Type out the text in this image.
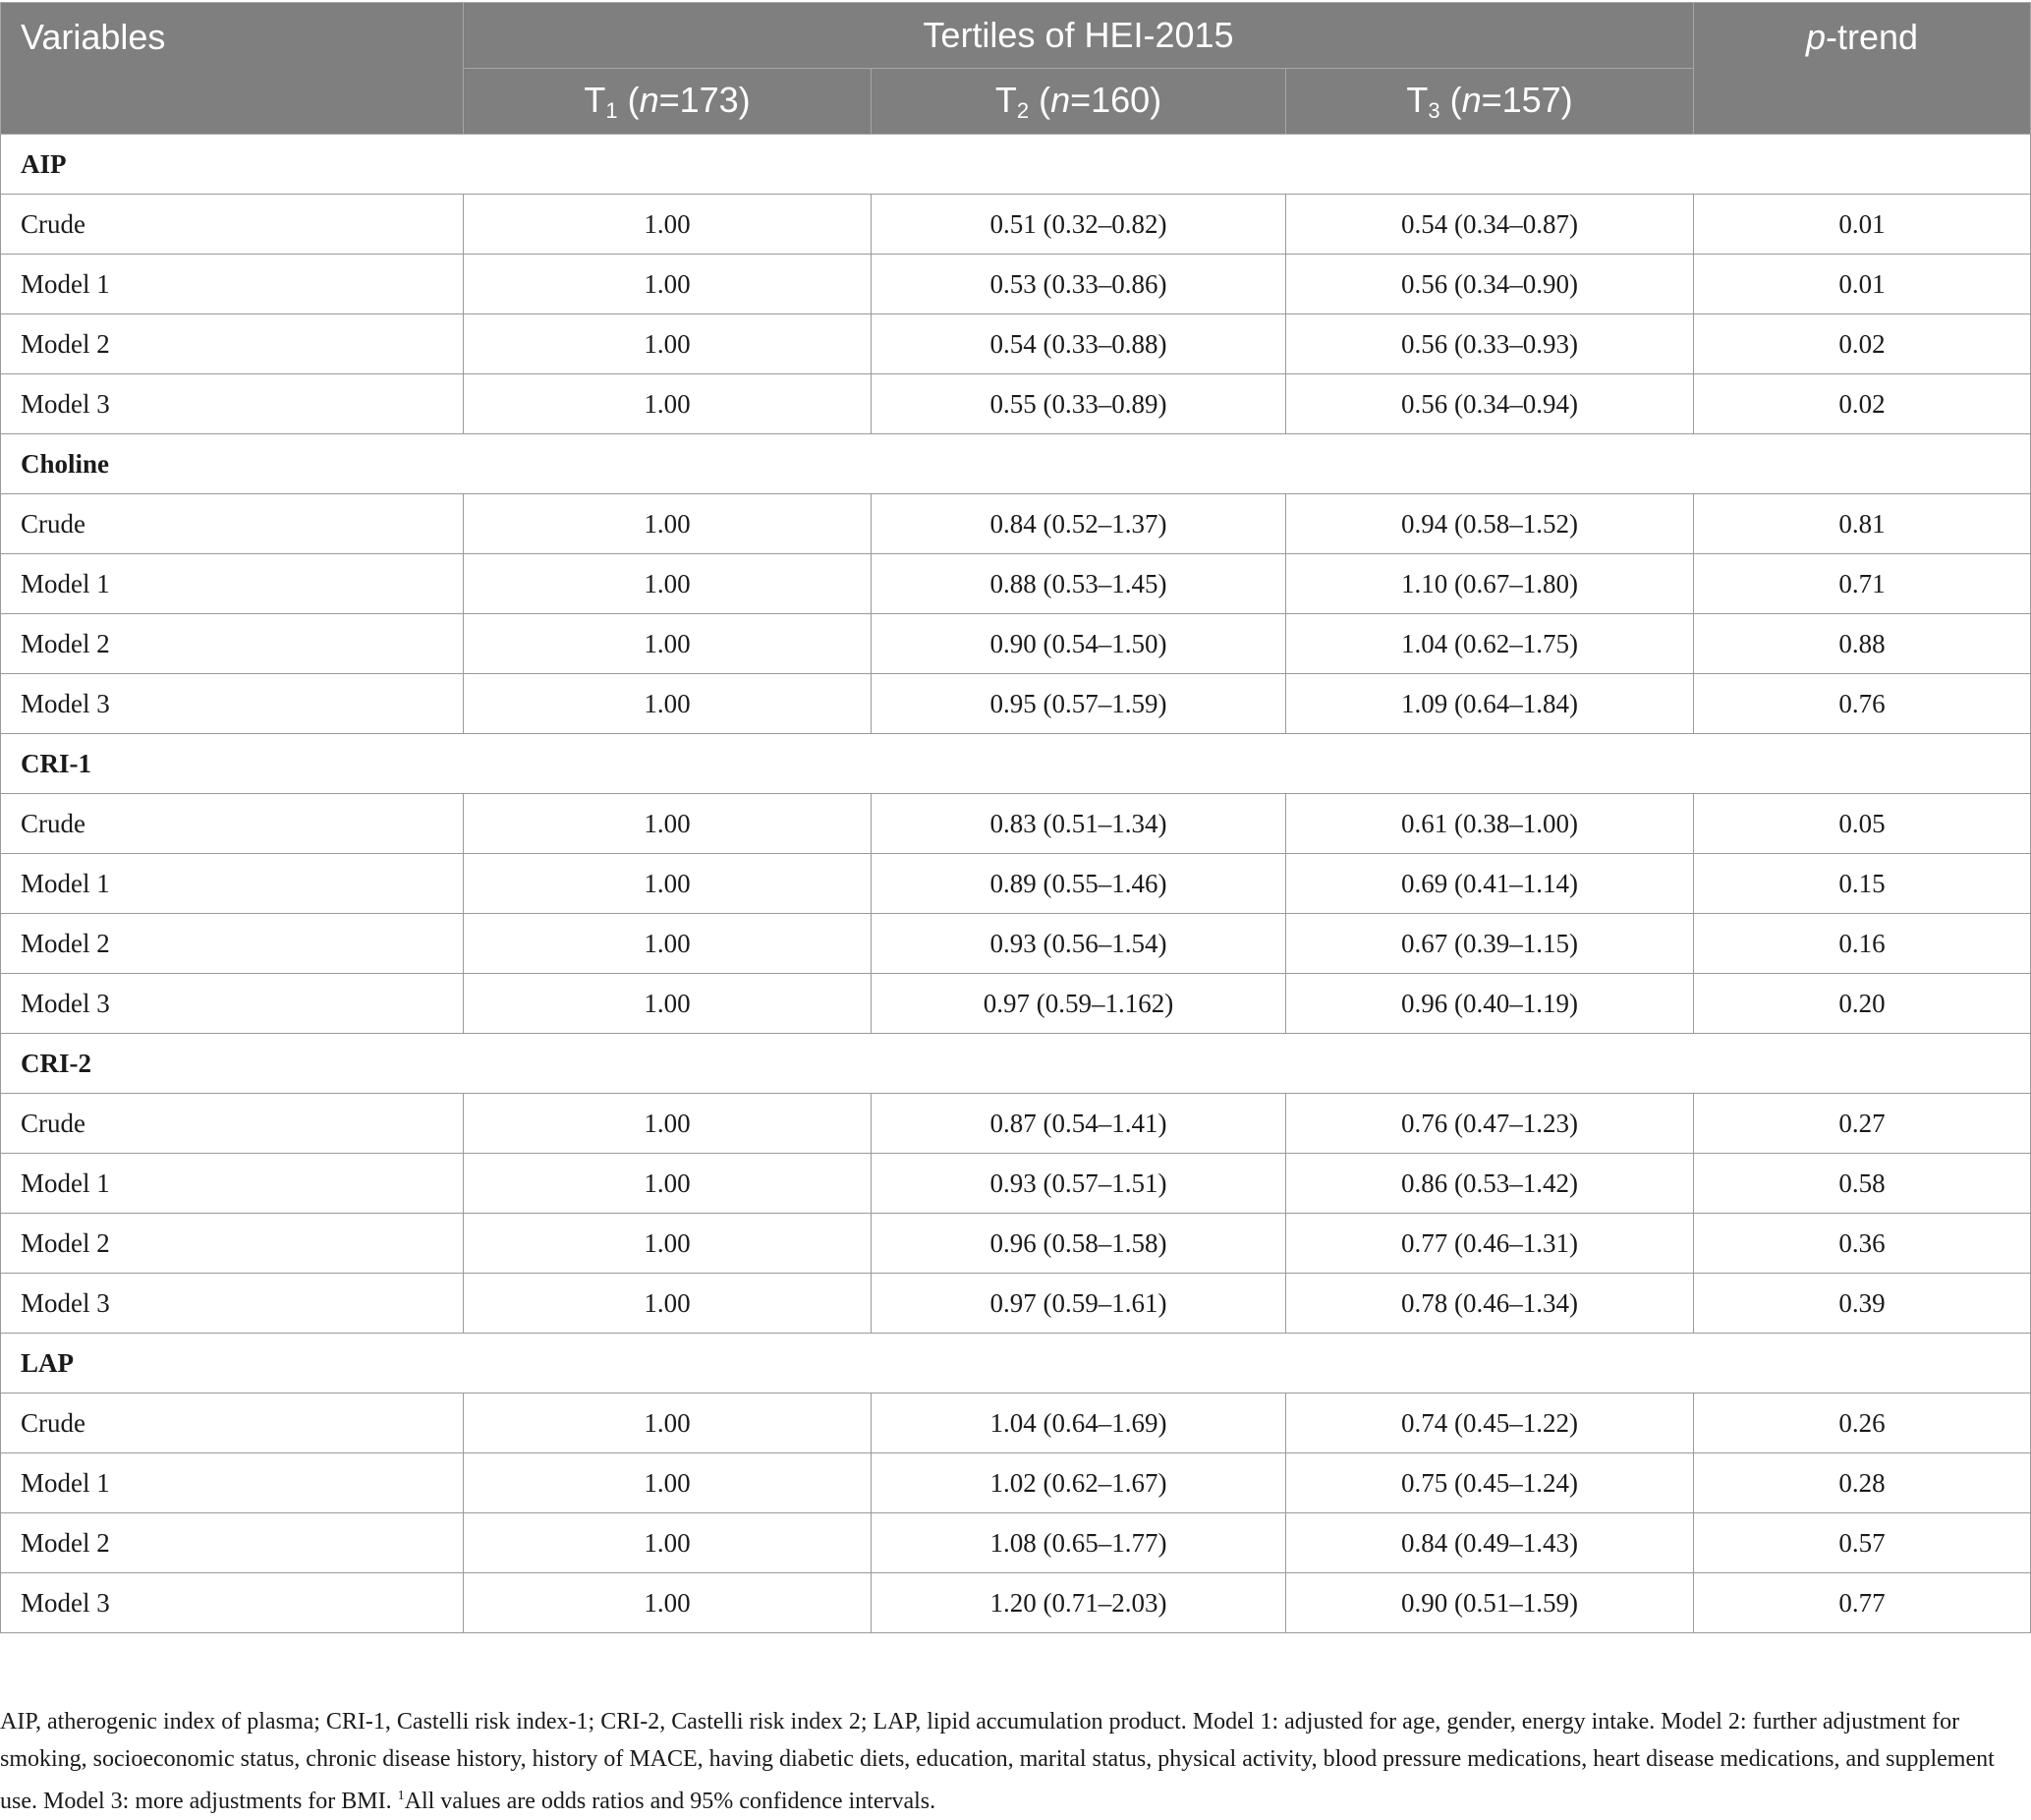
Variables	Tertiles of HEI-2015			p-trend
	$T_1$ (n=173)	$T_2$ (n=160)	$T_3$ (n=157)	
AIP				
Crude	1.00	0.51 (0.32–0.82)	0.54 (0.34–0.87)	0.01
Model 1	1.00	0.53 (0.33–0.86)	0.56 (0.34–0.90)	0.01
Model 2	1.00	0.54 (0.33–0.88)	0.56 (0.33–0.93)	0.02
Model 3	1.00	0.55 (0.33–0.89)	0.56 (0.34–0.94)	0.02
Choline				
Crude	1.00	0.84 (0.52–1.37)	0.94 (0.58–1.52)	0.81
Model 1	1.00	0.88 (0.53–1.45)	1.10 (0.67–1.80)	0.71
Model 2	1.00	0.90 (0.54–1.50)	1.04 (0.62–1.75)	0.88
Model 3	1.00	0.95 (0.57–1.59)	1.09 (0.64–1.84)	0.76
CRI-1				
Crude	1.00	0.83 (0.51–1.34)	0.61 (0.38–1.00)	0.05
Model 1	1.00	0.89 (0.55–1.46)	0.69 (0.41–1.14)	0.15
Model 2	1.00	0.93 (0.56–1.54)	0.67 (0.39–1.15)	0.16
Model 3	1.00	0.97 (0.59–1.162)	0.96 (0.40–1.19)	0.20
CRI-2				
Crude	1.00	0.87 (0.54–1.41)	0.76 (0.47–1.23)	0.27
Model 1	1.00	0.93 (0.57–1.51)	0.86 (0.53–1.42)	0.58
Model 2	1.00	0.96 (0.58–1.58)	0.77 (0.46–1.31)	0.36
Model 3	1.00	0.97 (0.59–1.61)	0.78 (0.46–1.34)	0.39
LAP				
Crude	1.00	1.04 (0.64–1.69)	0.74 (0.45–1.22)	0.26
Model 1	1.00	1.02 (0.62–1.67)	0.75 (0.45–1.24)	0.28
Model 2	1.00	1.08 (0.65–1.77)	0.84 (0.49–1.43)	0.57
Model 3	1.00	1.20 (0.71–2.03)	0.90 (0.51–1.59)	0.77
AIP, atherogenic index of plasma; CRI-1, Castelli risk index-1; CRI-2, Castelli risk index 2; LAP, lipid accumulation product. Model 1: adjusted for age, gender, energy intake. Model 2: further adjustment for smoking, socioeconomic status, chronic disease history, history of MACE, having diabetic diets, education, marital status, physical activity, blood pressure medications, heart disease medications, and supplement use. Model 3: more adjustments for BMI. $^1$All values are odds ratios and 95% confidence intervals.
